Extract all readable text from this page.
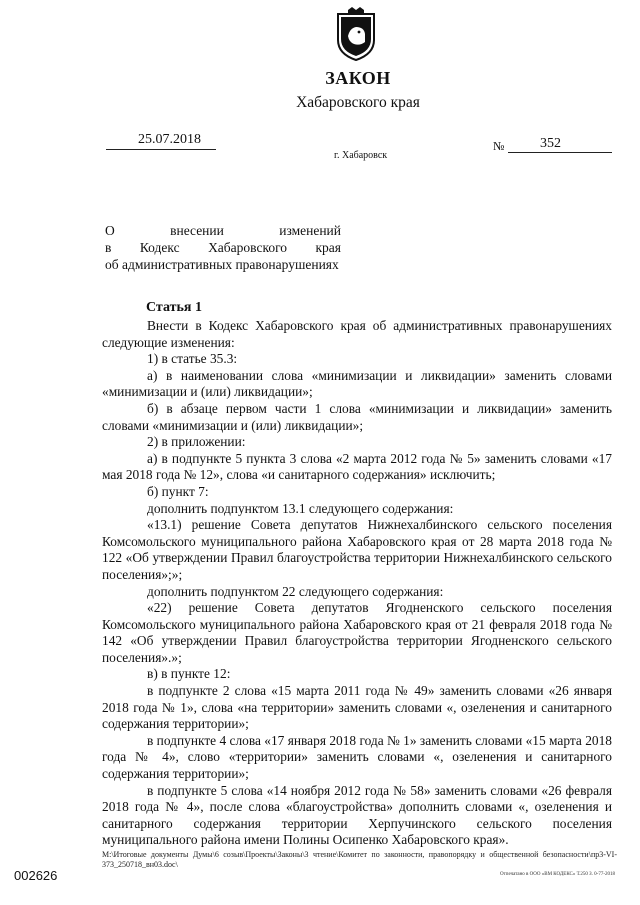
ЗАКОН
Хабаровского края
25.07.2018
г. Хабаровск
№	352
О	внесении	изменений
в Кодекс Хабаровского края
об административных правонарушениях
Статья 1

Внести в Кодекс Хабаровского края об административных правонарушениях следующие изменения:

1) в статье 35.3:

а) в наименовании слова «минимизации и ликвидации» заменить словами «минимизации и (или) ликвидации»;

б) в абзаце первом части 1 слова «минимизации и ликвидации» заменить словами «минимизации и (или) ликвидации»;

2) в приложении:

а) в подпункте 5 пункта 3 слова «2 марта 2012 года № 5» заменить словами «17 мая 2018 года № 12», слова «и санитарного содержания» исключить;

б) пункт 7:

дополнить подпунктом 13.1 следующего содержания:

«13.1) решение Совета депутатов Нижнехалбинского сельского поселения Комсомольского муниципального района Хабаровского края от 28 марта 2018 года № 122 «Об утверждении Правил благоустройства территории Нижнехалбинского сельского поселения»;»;

дополнить подпунктом 22 следующего содержания:

«22) решение Совета депутатов Ягодненского сельского поселения Комсомольского муниципального района Хабаровского края от 21 февраля 2018 года № 142 «Об утверждении Правил благоустройства территории Ягодненского сельского поселения».»;

в) в пункте 12:

в подпункте 2 слова «15 марта 2011 года № 49» заменить словами «26 января 2018 года № 1», слова «на территории» заменить словами «, озеленения и санитарного содержания территории»;

в подпункте 4 слова «17 января 2018 года № 1» заменить словами «15 марта 2018 года № 4», слово «территории» заменить словами «, озеленения и санитарного содержания территории»;

в подпункте 5 слова «14 ноября 2012 года № 58» заменить словами «26 февраля 2018 года № 4», после слова «благоустройства» дополнить словами «, озеленения и санитарного содержания территории Херпучинского сельского поселения муниципального района имени Полины Осипенко Хабаровского края».

М:\Итоговые документы Думы\6 созыв\Проекты\Законы\3 чтение\Комитет по законности, правопорядку и общественной безопасности\пр3-VI-373_250718_вн03.doc\
002626	Отпечатано в ООО «ВМ КОДЕКС» Т.250 З. 0-77-2018
